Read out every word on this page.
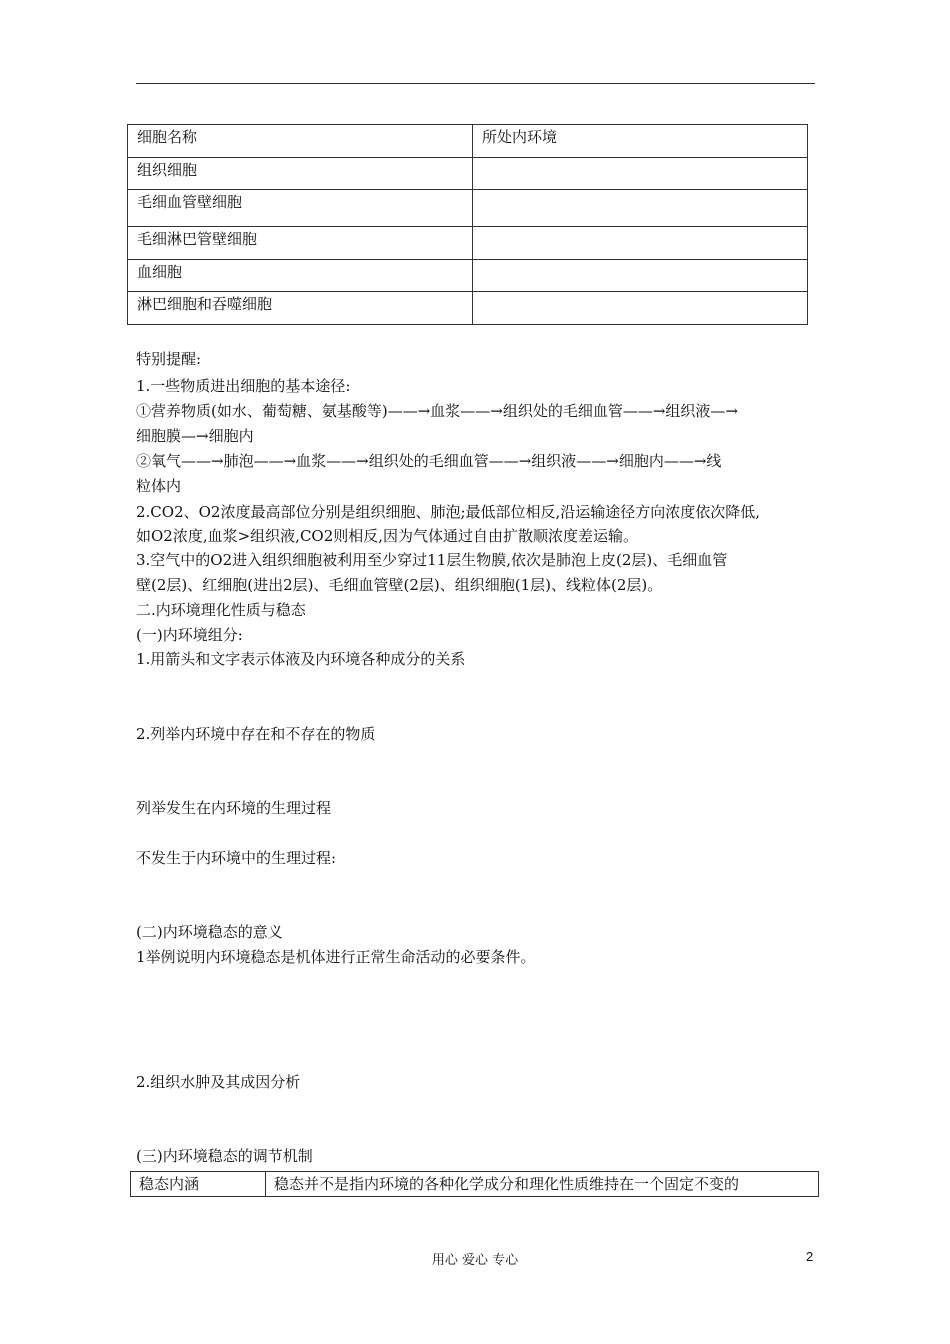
细胞名称	所处内环境
组织细胞	
毛细血管壁细胞	
毛细淋巴管壁细胞	
血细胞	
淋巴细胞和吞噬细胞	
特别提醒:
1.一些物质进出细胞的基本途径:
①营养物质(如水、葡萄糖、氨基酸等)——→血浆——→组织处的毛细血管——→组织液—→
细胞膜—→细胞内
②氧气——→肺泡——→血浆——→组织处的毛细血管——→组织液——→细胞内——→线
粒体内
2.CO2、O2浓度最高部位分别是组织细胞、肺泡;最低部位相反,沿运输途径方向浓度依次降低,
如O2浓度,血浆>组织液,CO2则相反,因为气体通过自由扩散顺浓度差运输。
3.空气中的O2进入组织细胞被利用至少穿过11层生物膜,依次是肺泡上皮(2层)、毛细血管
壁(2层)、红细胞(进出2层)、毛细血管壁(2层)、组织细胞(1层)、线粒体(2层)。
二.内环境理化性质与稳态
(一)内环境组分:
1.用箭头和文字表示体液及内环境各种成分的关系
2.列举内环境中存在和不存在的物质
列举发生在内环境的生理过程
不发生于内环境中的生理过程:
(二)内环境稳态的意义
1举例说明内环境稳态是机体进行正常生命活动的必要条件。
2.组织水肿及其成因分析
(三)内环境稳态的调节机制
稳态内涵	稳态并不是指内环境的各种化学成分和理化性质维持在一个固定不变的
用心 爱心 专心	2
